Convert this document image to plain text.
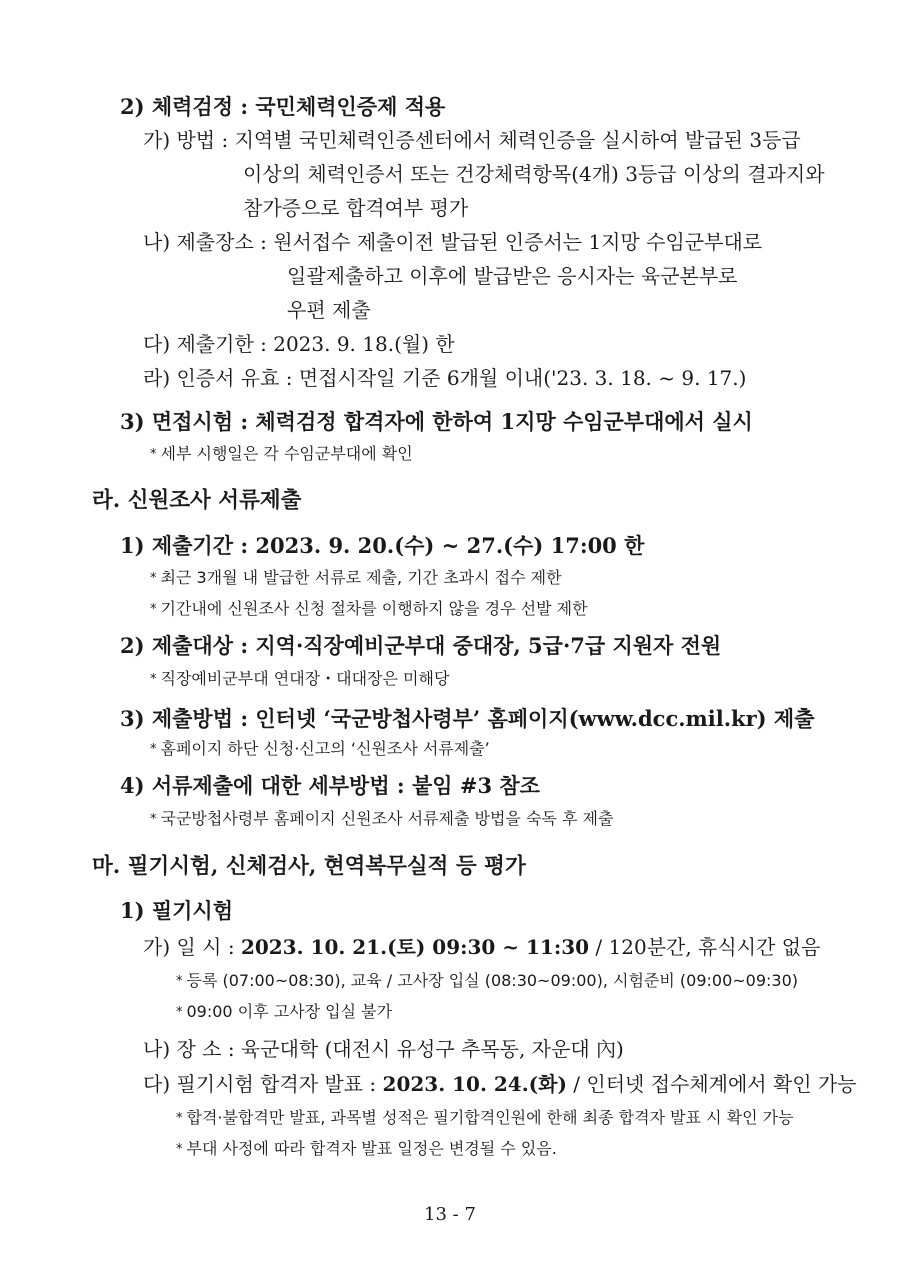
2) 체력검정 : 국민체력인증제 적용
가) 방법 : 지역별 국민체력인증센터에서 체력인증을 실시하여 발급된 3등급
이상의 체력인증서 또는 건강체력항목(4개) 3등급 이상의 결과지와
참가증으로 합격여부 평가
나) 제출장소 : 원서접수 제출이전 발급된 인증서는 1지망 수임군부대로
일괄제출하고 이후에 발급받은 응시자는 육군본부로
우편 제출
다) 제출기한 : 2023. 9. 18.(월) 한
라) 인증서 유효 : 면접시작일 기준 6개월 이내('23. 3. 18. ~ 9. 17.)
3) 면접시험 : 체력검정 합격자에 한하여 1지망 수임군부대에서 실시
* 세부 시행일은 각 수임군부대에 확인
라. 신원조사 서류제출
1) 제출기간 : 2023. 9. 20.(수) ~ 27.(수) 17:00 한
* 최근 3개월 내 발급한 서류로 제출, 기간 초과시 접수 제한
* 기간내에 신원조사 신청 절차를 이행하지 않을 경우 선발 제한
2) 제출대상 : 지역·직장예비군부대 중대장, 5급·7급 지원자 전원
* 직장예비군부대 연대장・대대장은 미해당
3) 제출방법 : 인터넷 ‘국군방첩사령부’ 홈페이지(www.dcc.mil.kr) 제출
* 홈페이지 하단 신청·신고의 ‘신원조사 서류제출’
4) 서류제출에 대한 세부방법 : 붙임 #3 참조
* 국군방첩사령부 홈페이지 신원조사 서류제출 방법을 숙독 후 제출
마. 필기시험, 신체검사, 현역복무실적 등 평가
1) 필기시험
가) 일 시 : 2023. 10. 21.(토) 09:30 ~ 11:30 / 120분간, 휴식시간 없음
* 등록 (07:00~08:30), 교육 / 고사장 입실 (08:30~09:00), 시험준비 (09:00~09:30)
* 09:00 이후 고사장 입실 불가
나) 장 소 : 육군대학 (대전시 유성구 추목동, 자운대 內)
다) 필기시험 합격자 발표 : 2023. 10. 24.(화) / 인터넷 접수체계에서 확인 가능
* 합격·불합격만 발표, 과목별 성적은 필기합격인원에 한해 최종 합격자 발표 시 확인 가능
* 부대 사정에 따라 합격자 발표 일정은 변경될 수 있음.
13 - 7
